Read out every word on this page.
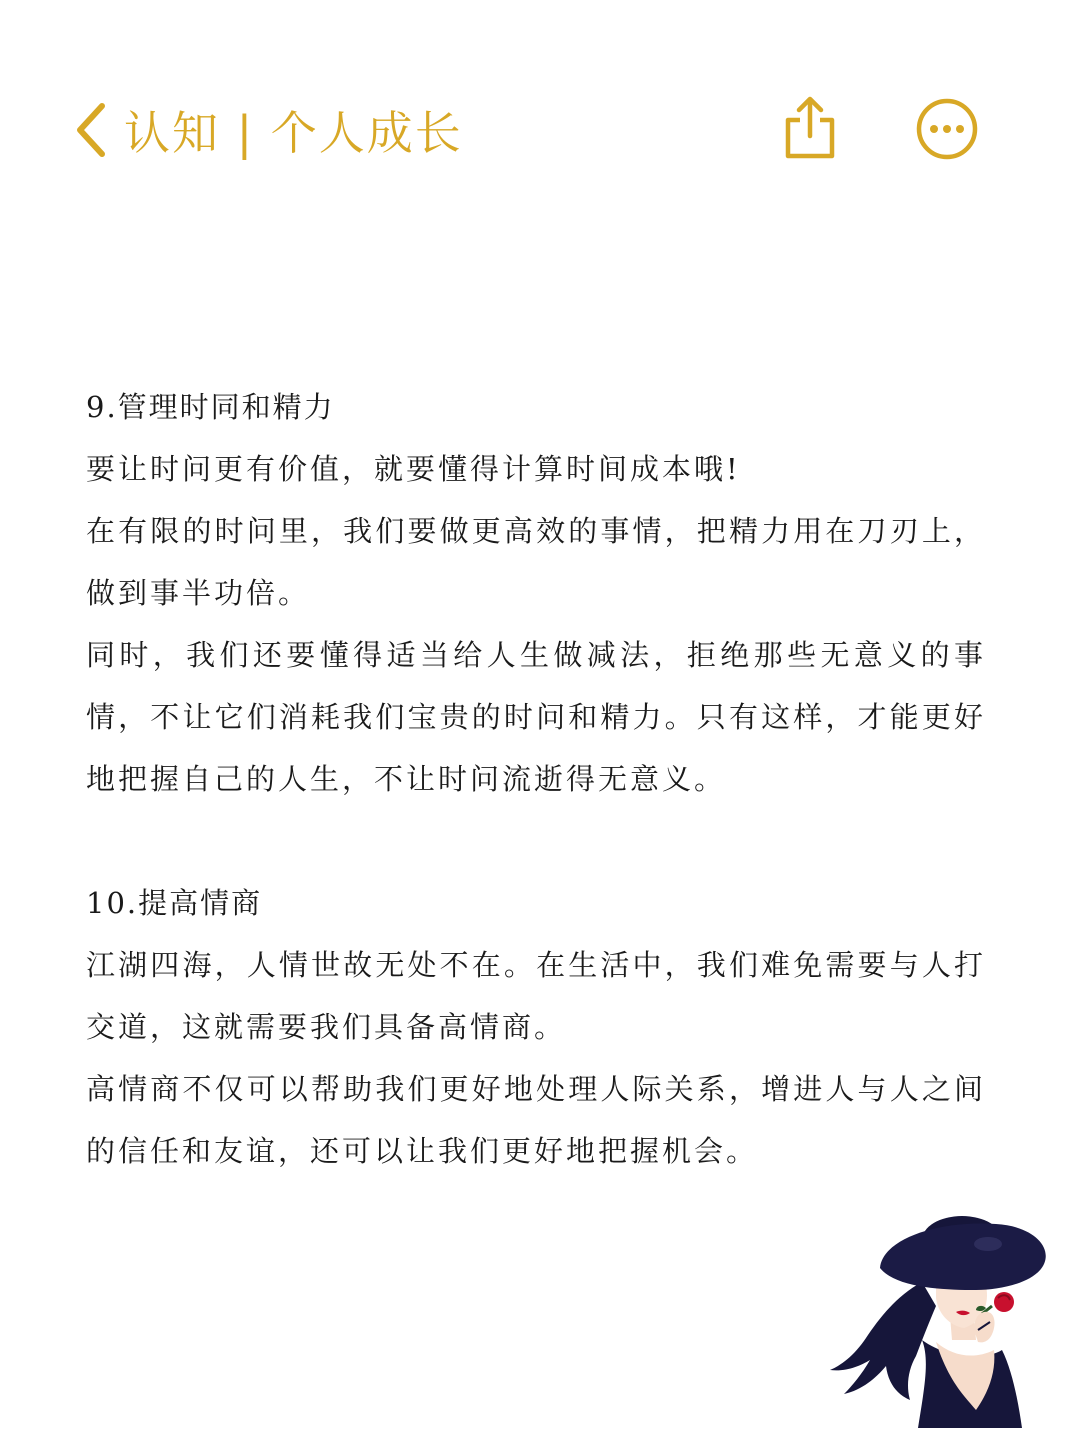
认知 | 个人成长
9.管理时同和精力

要让时问更有价值，就要懂得计算时间成本哦!

在有限的时问里，我们要做更高效的事情，把精力用在刀刃上，做到事半功倍。

同时，我们还要懂得适当给人生做减法，拒绝那些无意义的事情，不让它们消耗我们宝贵的时问和精力。只有这样，才能更好地把握自己的人生，不让时问流逝得无意义。

10.提高情商

江湖四海，人情世故无处不在。在生活中，我们难免需要与人打交道，这就需要我们具备高情商。

高情商不仅可以帮助我们更好地处理人际关系，增进人与人之间的信任和友谊，还可以让我们更好地把握机会。
